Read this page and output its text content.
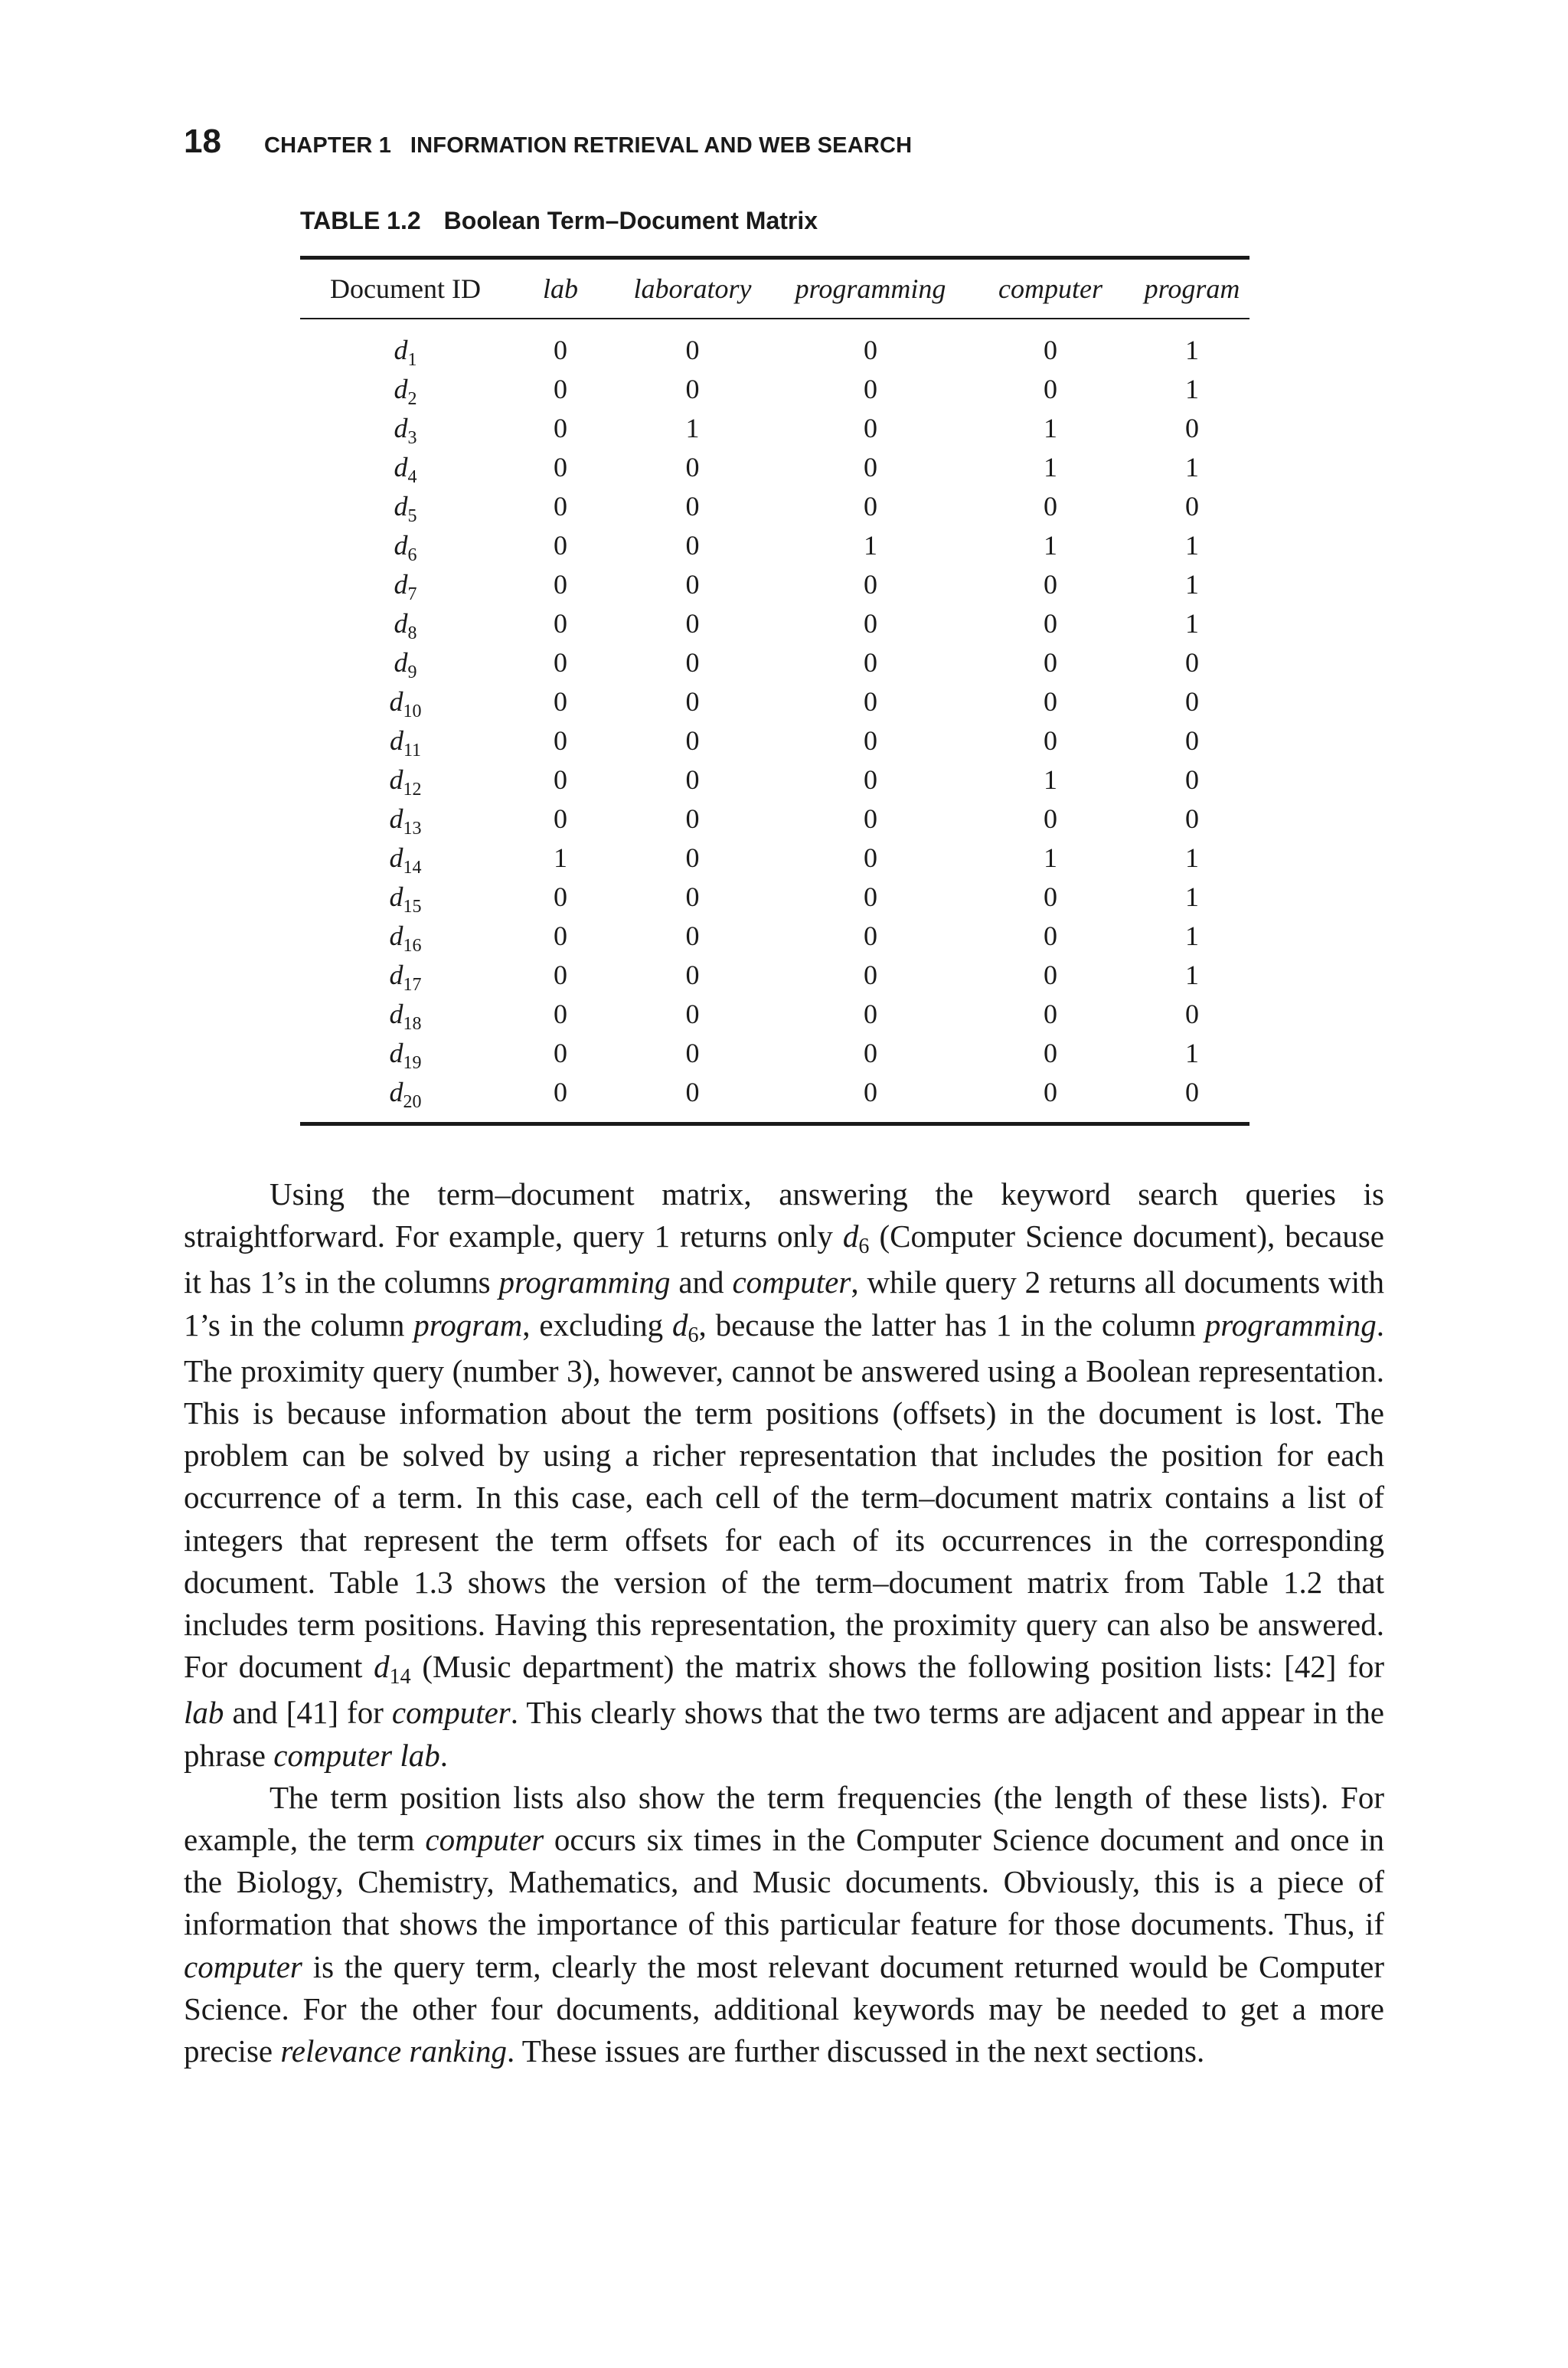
18 CHAPTER 1   INFORMATION RETRIEVAL AND WEB SEARCH
TABLE 1.2 Boolean Term–Document Matrix
Document ID	lab	laboratory	programming	computer	program
$d_1$	0	0	0	0	1
$d_2$	0	0	0	0	1
$d_3$	0	1	0	1	0
$d_4$	0	0	0	1	1
$d_5$	0	0	0	0	0
$d_6$	0	0	1	1	1
$d_7$	0	0	0	0	1
$d_8$	0	0	0	0	1
$d_9$	0	0	0	0	0
$d_{10}$	0	0	0	0	0
$d_{11}$	0	0	0	0	0
$d_{12}$	0	0	0	1	0
$d_{13}$	0	0	0	0	0
$d_{14}$	1	0	0	1	1
$d_{15}$	0	0	0	0	1
$d_{16}$	0	0	0	0	1
$d_{17}$	0	0	0	0	1
$d_{18}$	0	0	0	0	0
$d_{19}$	0	0	0	0	1
$d_{20}$	0	0	0	0	0

Using the term–document matrix, answering the keyword search queries is straightforward. For example, query 1 returns only $d_6$ (Computer Science document), because it has 1’s in the columns programming and computer, while query 2 returns all documents with 1’s in the column program, excluding $d_6$, because the latter has 1 in the column programming. The proximity query (number 3), however, cannot be answered using a Boolean representation. This is because information about the term positions (offsets) in the document is lost. The problem can be solved by using a richer representation that includes the position for each occurrence of a term. In this case, each cell of the term–document matrix contains a list of integers that represent the term offsets for each of its occurrences in the corresponding document. Table 1.3 shows the version of the term–document matrix from Table 1.2 that includes term positions. Having this representation, the proximity query can also be answered. For document $d_{14}$ (Music department) the matrix shows the following position lists: [42] for lab and [41] for computer. This clearly shows that the two terms are adjacent and appear in the phrase computer lab.

The term position lists also show the term frequencies (the length of these lists). For example, the term computer occurs six times in the Computer Science document and once in the Biology, Chemistry, Mathematics, and Music documents. Obviously, this is a piece of information that shows the importance of this particular feature for those documents. Thus, if computer is the query term, clearly the most relevant document returned would be Computer Science. For the other four documents, additional keywords may be needed to get a more precise relevance ranking. These issues are further discussed in the next sections.
